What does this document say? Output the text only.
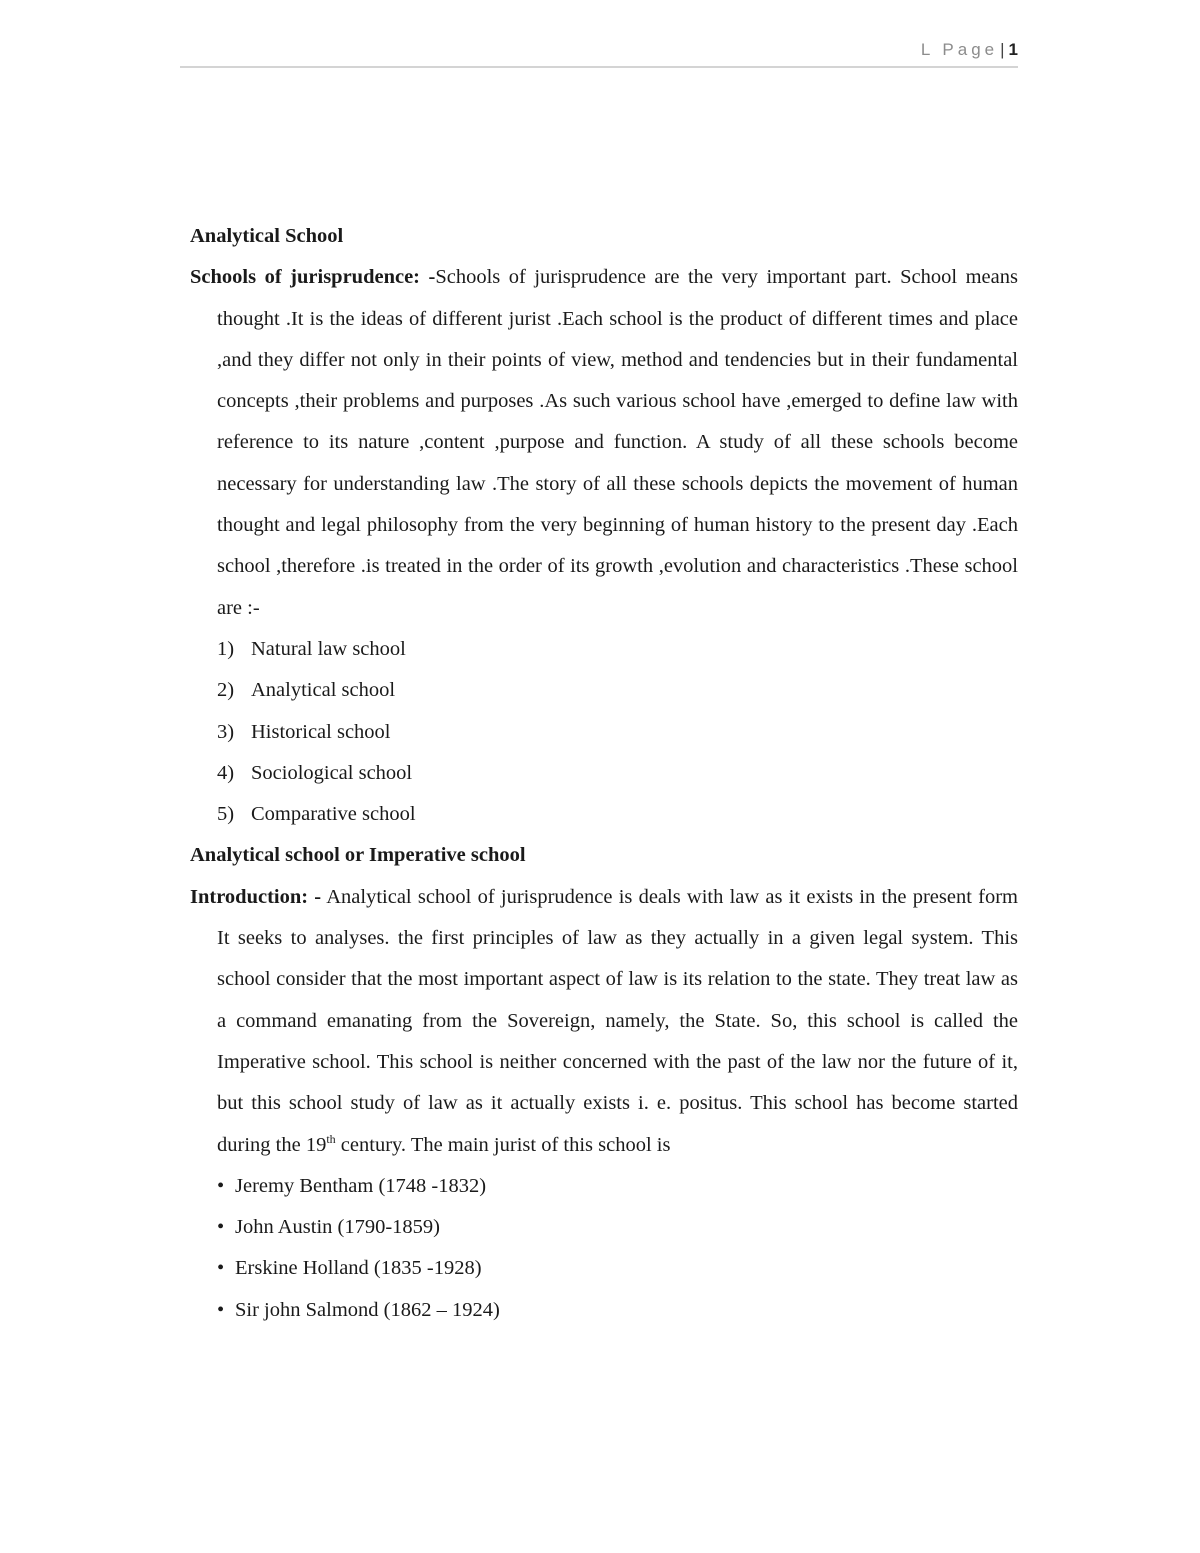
L Page | 1

Analytical School

Schools of jurisprudence: -Schools of jurisprudence are the very important part. School means thought .It is the ideas of different jurist .Each school is the product of different times and place ,and they differ not only in their points of view, method and tendencies but in their fundamental concepts ,their problems and purposes .As such various school have ,emerged to define law with reference to its nature ,content ,purpose and function. A study of all these schools become necessary for understanding law .The story of all these schools depicts the movement of human thought and legal philosophy from the very beginning of human history to the present day .Each school ,therefore .is treated in the order of its growth ,evolution and characteristics .These school are :-

1) Natural law school
2) Analytical school
3) Historical school
4) Sociological school
5) Comparative school

Analytical school or Imperative school

Introduction: - Analytical school of jurisprudence is deals with law as it exists in the present form It seeks to analyses. the first principles of law as they actually in a given legal system. This school consider that the most important aspect of law is its relation to the state. They treat law as a command emanating from the Sovereign, namely, the State. So, this school is called the Imperative school. This school is neither concerned with the past of the law nor the future of it, but this school study of law as it actually exists i. e. positus. This school has become started during the 19th century. The main jurist of this school is

• Jeremy Bentham (1748 -1832)
• John Austin (1790-1859)
• Erskine Holland (1835 -1928)
• Sir john Salmond (1862 – 1924)
